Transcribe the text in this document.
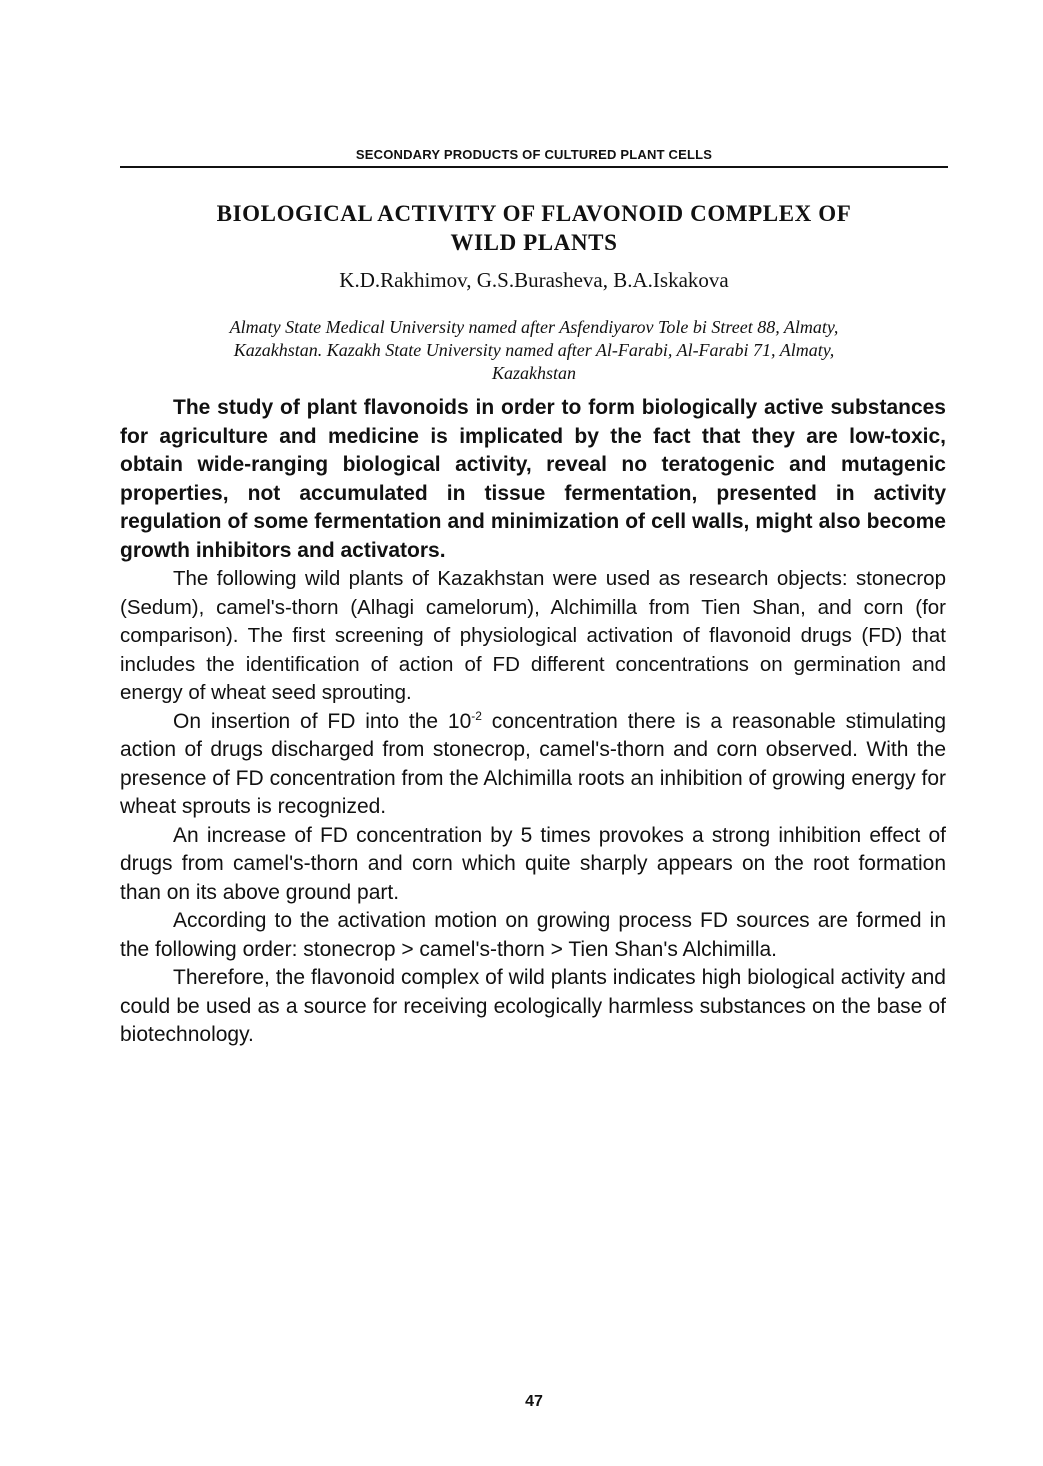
SECONDARY PRODUCTS OF CULTURED PLANT CELLS
BIOLOGICAL ACTIVITY OF FLAVONOID COMPLEX OF
WILD PLANTS
K.D.Rakhimov, G.S.Burasheva, B.A.Iskakova
Almaty State Medical University named after Asfendiyarov Tole bi Street 88, Almaty,
Kazakhstan. Kazakh State University named after Al-Farabi, Al-Farabi 71, Almaty,
Kazakhstan

The study of plant flavonoids in order to form biologically active substances for agriculture and medicine is implicated by the fact that they are low-toxic, obtain wide-ranging biological activity, reveal no teratogenic and mutagenic properties, not accumulated in tissue fermentation, presented in activity regulation of some fermentation and minimization of cell walls, might also become growth inhibitors and activators.

The following wild plants of Kazakhstan were used as research objects: stonecrop (Sedum), camel's-thorn (Alhagi camelorum), Alchimilla from Tien Shan, and corn (for comparison). The first screening of physiological activation of flavonoid drugs (FD) that includes the identification of action of FD different concentrations on germination and energy of wheat seed sprouting.

On insertion of FD into the $10^{-2}$ concentration there is a reasonable stimulating action of drugs discharged from stonecrop, camel's-thorn and corn observed. With the presence of FD concentration from the Alchimilla roots an inhibition of growing energy for wheat sprouts is recognized.

An increase of FD concentration by 5 times provokes a strong inhibition effect of drugs from camel's-thorn and corn which quite sharply appears on the root formation than on its above ground part.

According to the activation motion on growing process FD sources are formed in the following order: stonecrop > camel's-thorn > Tien Shan's Alchimilla.

Therefore, the flavonoid complex of wild plants indicates high biological activity and could be used as a source for receiving ecologically harmless substances on the base of biotechnology.

47
